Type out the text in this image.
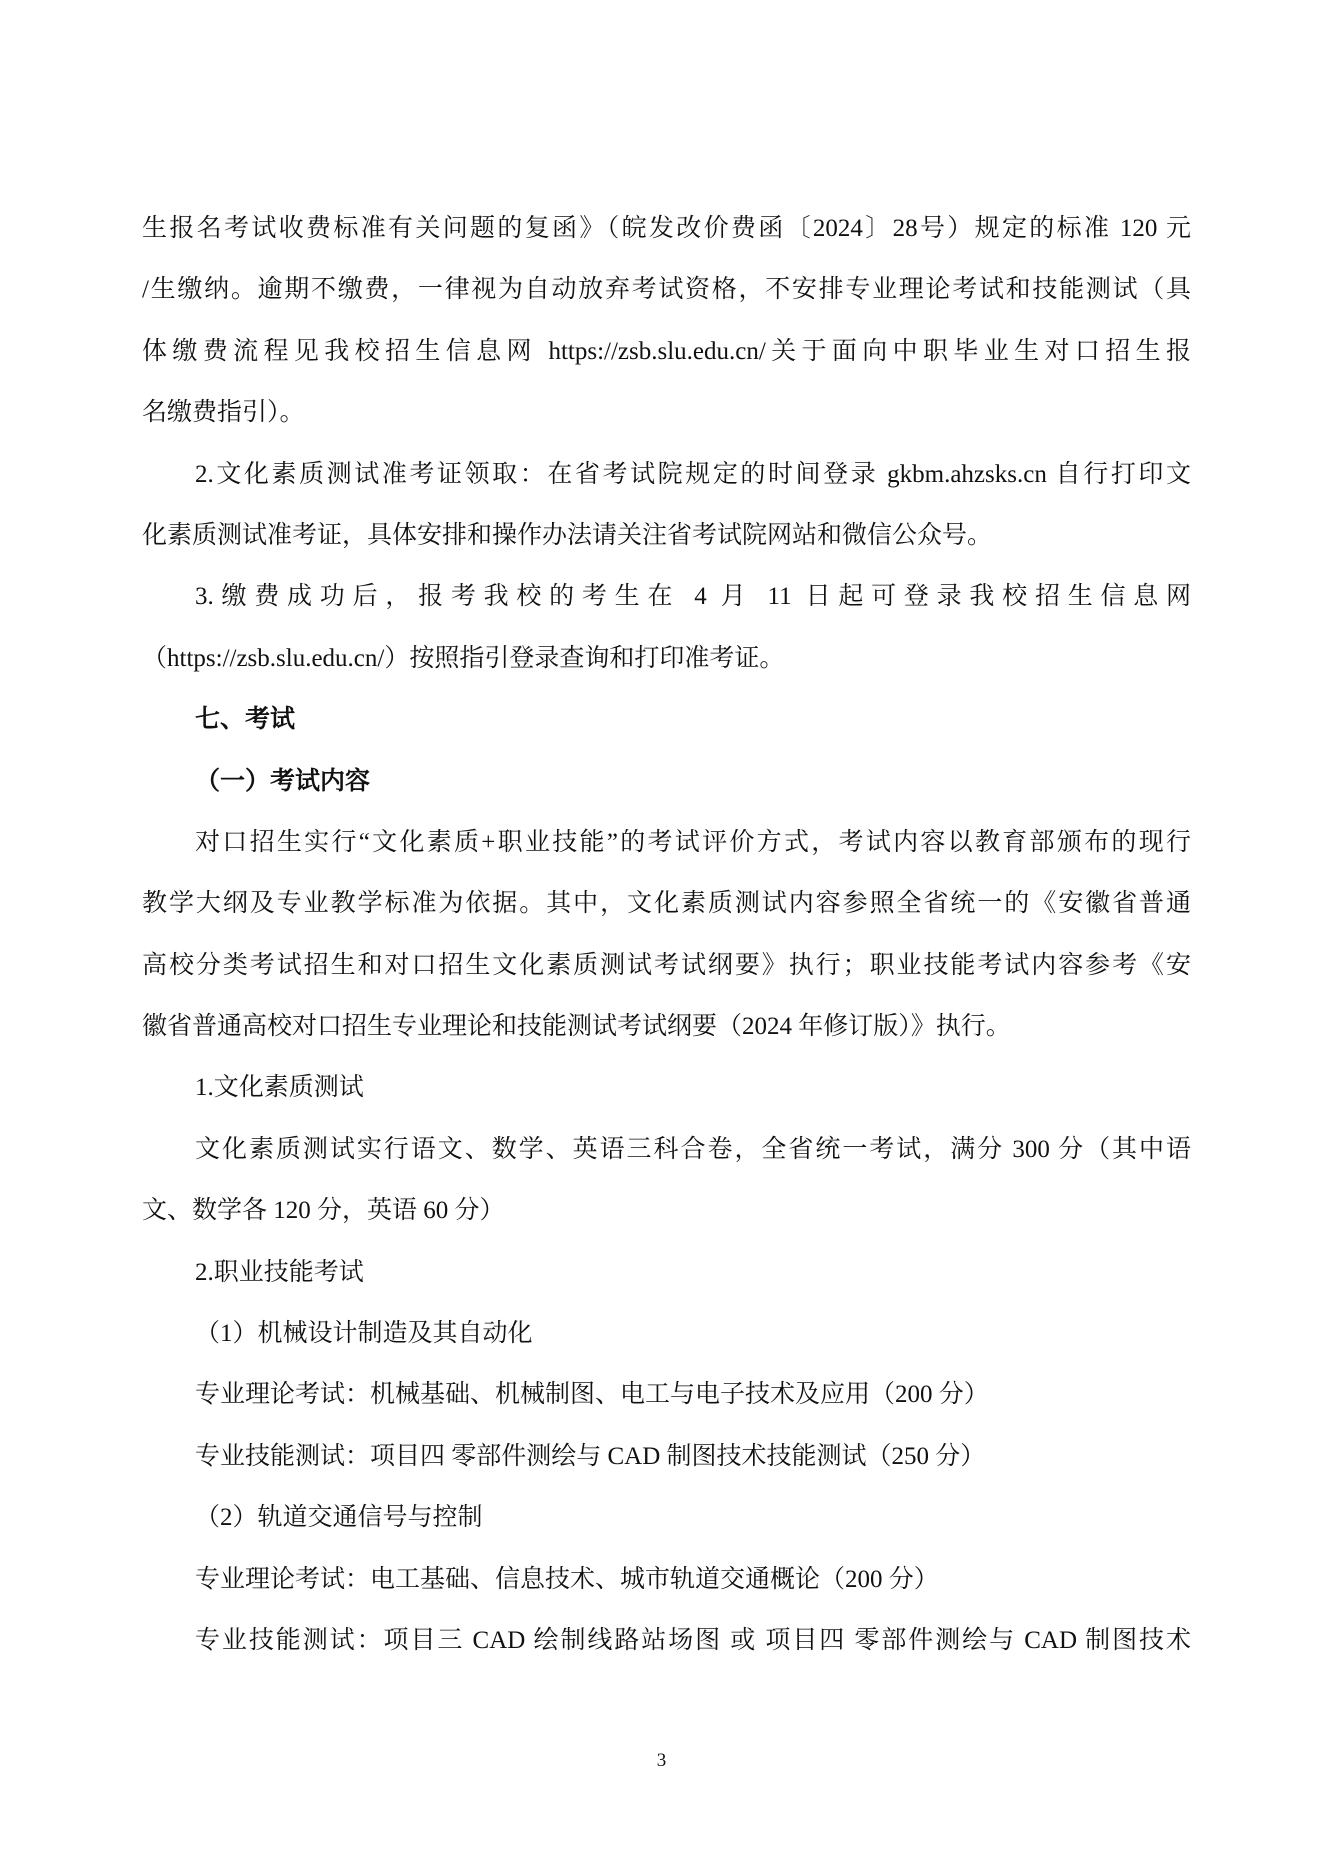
生报名考试收费标准有关问题的复函》（皖发改价费函〔2024〕28号）规定的标准 120 元
/生缴纳。逾期不缴费，一律视为自动放弃考试资格，不安排专业理论考试和技能测试（具
体缴费流程见我校招生信息网 https://zsb.slu.edu.cn/关于面向中职毕业生对口招生报
名缴费指引）。
2.文化素质测试准考证领取：在省考试院规定的时间登录 gkbm.ahzsks.cn 自行打印文
化素质测试准考证，具体安排和操作办法请关注省考试院网站和微信公众号。
3.缴费成功后，报考我校的考生在 4 月 11 日起可登录我校招生信息网
（https://zsb.slu.edu.cn/）按照指引登录查询和打印准考证。
七、考试
（一）考试内容
对口招生实行“文化素质+职业技能”的考试评价方式，考试内容以教育部颁布的现行
教学大纲及专业教学标准为依据。其中，文化素质测试内容参照全省统一的《安徽省普通
高校分类考试招生和对口招生文化素质测试考试纲要》执行；职业技能考试内容参考《安
徽省普通高校对口招生专业理论和技能测试考试纲要（2024 年修订版）》执行。
1.文化素质测试
文化素质测试实行语文、数学、英语三科合卷，全省统一考试，满分 300 分（其中语
文、数学各 120 分，英语 60 分）
2.职业技能考试
（1）机械设计制造及其自动化
专业理论考试：机械基础、机械制图、电工与电子技术及应用（200 分）
专业技能测试：项目四 零部件测绘与 CAD 制图技术技能测试（250 分）
（2）轨道交通信号与控制
专业理论考试：电工基础、信息技术、城市轨道交通概论（200 分）
专业技能测试：项目三 CAD 绘制线路站场图 或 项目四 零部件测绘与 CAD 制图技术
3
